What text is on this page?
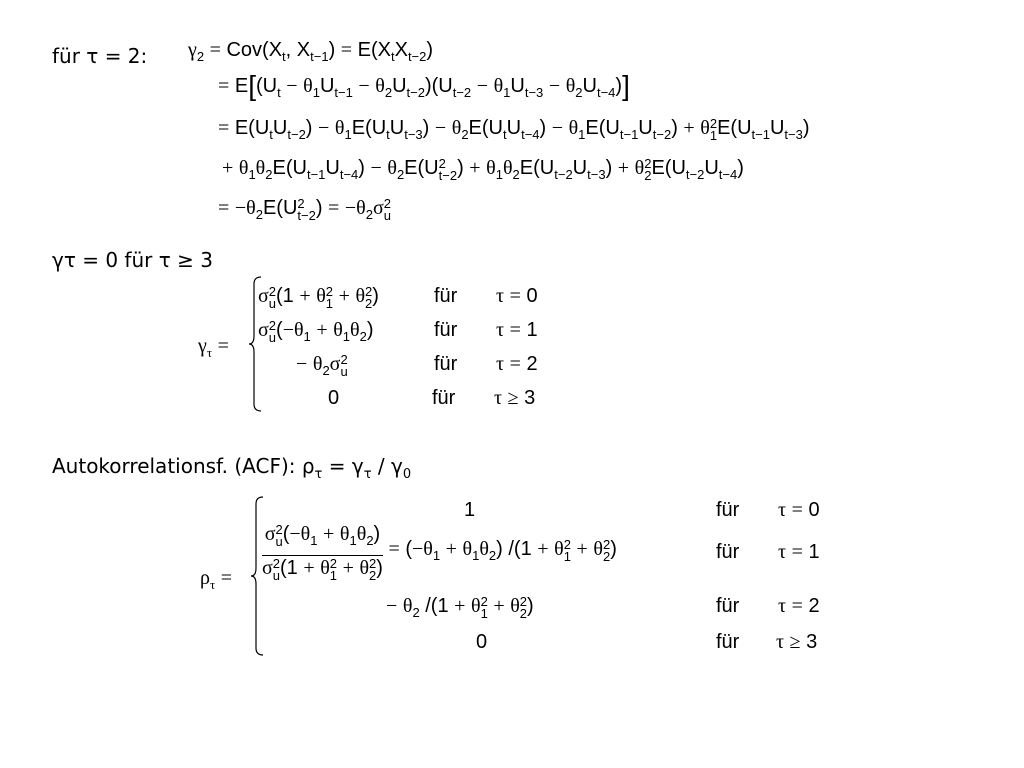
für τ = 2: $\gamma_2 = Cov(X_t$, $X_{t-1}) = E(X_tX_{t-2})$
= $E[(U_t - \theta_1U_{t-1} - \theta_2U_{t-2})(U_{t-2} - \theta_1U_{t-3} - \theta_2U_{t-4})]$
= $E(U_tU_{t-2}) - \theta_1E(U_tU_{t-3}) - \theta_2E(U_tU_{t-4}) - \theta_1E(U_{t-1}U_{t-2}) + \theta$ 2
1 $E(U_{t-1}U_{t-3})$
+ $\theta_1\theta_2E(U_{t-1}U_{t-4}) - \theta_2E(U$ 2
t−2 ) + $\theta_1\theta_2E(U_{t-2}U_{t-3}) + \theta$ 2
2 $E(U_{t-2}U_{t-4})$
= $-\theta_2E(U$ 2
t−2 ) = $-\theta_2\sigma$ 2
u
γτ = 0 für τ ≥ 3
$\gamma_\tau$ =
σ 2
u (1 + θ 2
1 + θ 2
2 )
σ 2
u $(-\theta_1 + \theta_1\theta_2)$
− $\theta_2\sigma$ 2
u
0
für
für
für
für
τ = 0
τ = 1
τ = 2
τ ≥ 3
Autokorrelationsf. (ACF): $\rho_\tau = \gamma_\tau / \gamma_0$
$\rho_\tau$ =
1
σ 2
u $(-\theta_1 + \theta_1\theta_2)$
σ 2
u (1 + θ 2
1 + θ 2
2 ) = $(-\theta_1 + \theta_1\theta_2) /(1 + \theta$ 2
1 + θ 2
2 )
− $\theta_2$ /(1 + θ 2
1 + θ 2
2 )
0
für
für
für
für
τ = 0
τ = 1
τ = 2
τ ≥ 3
